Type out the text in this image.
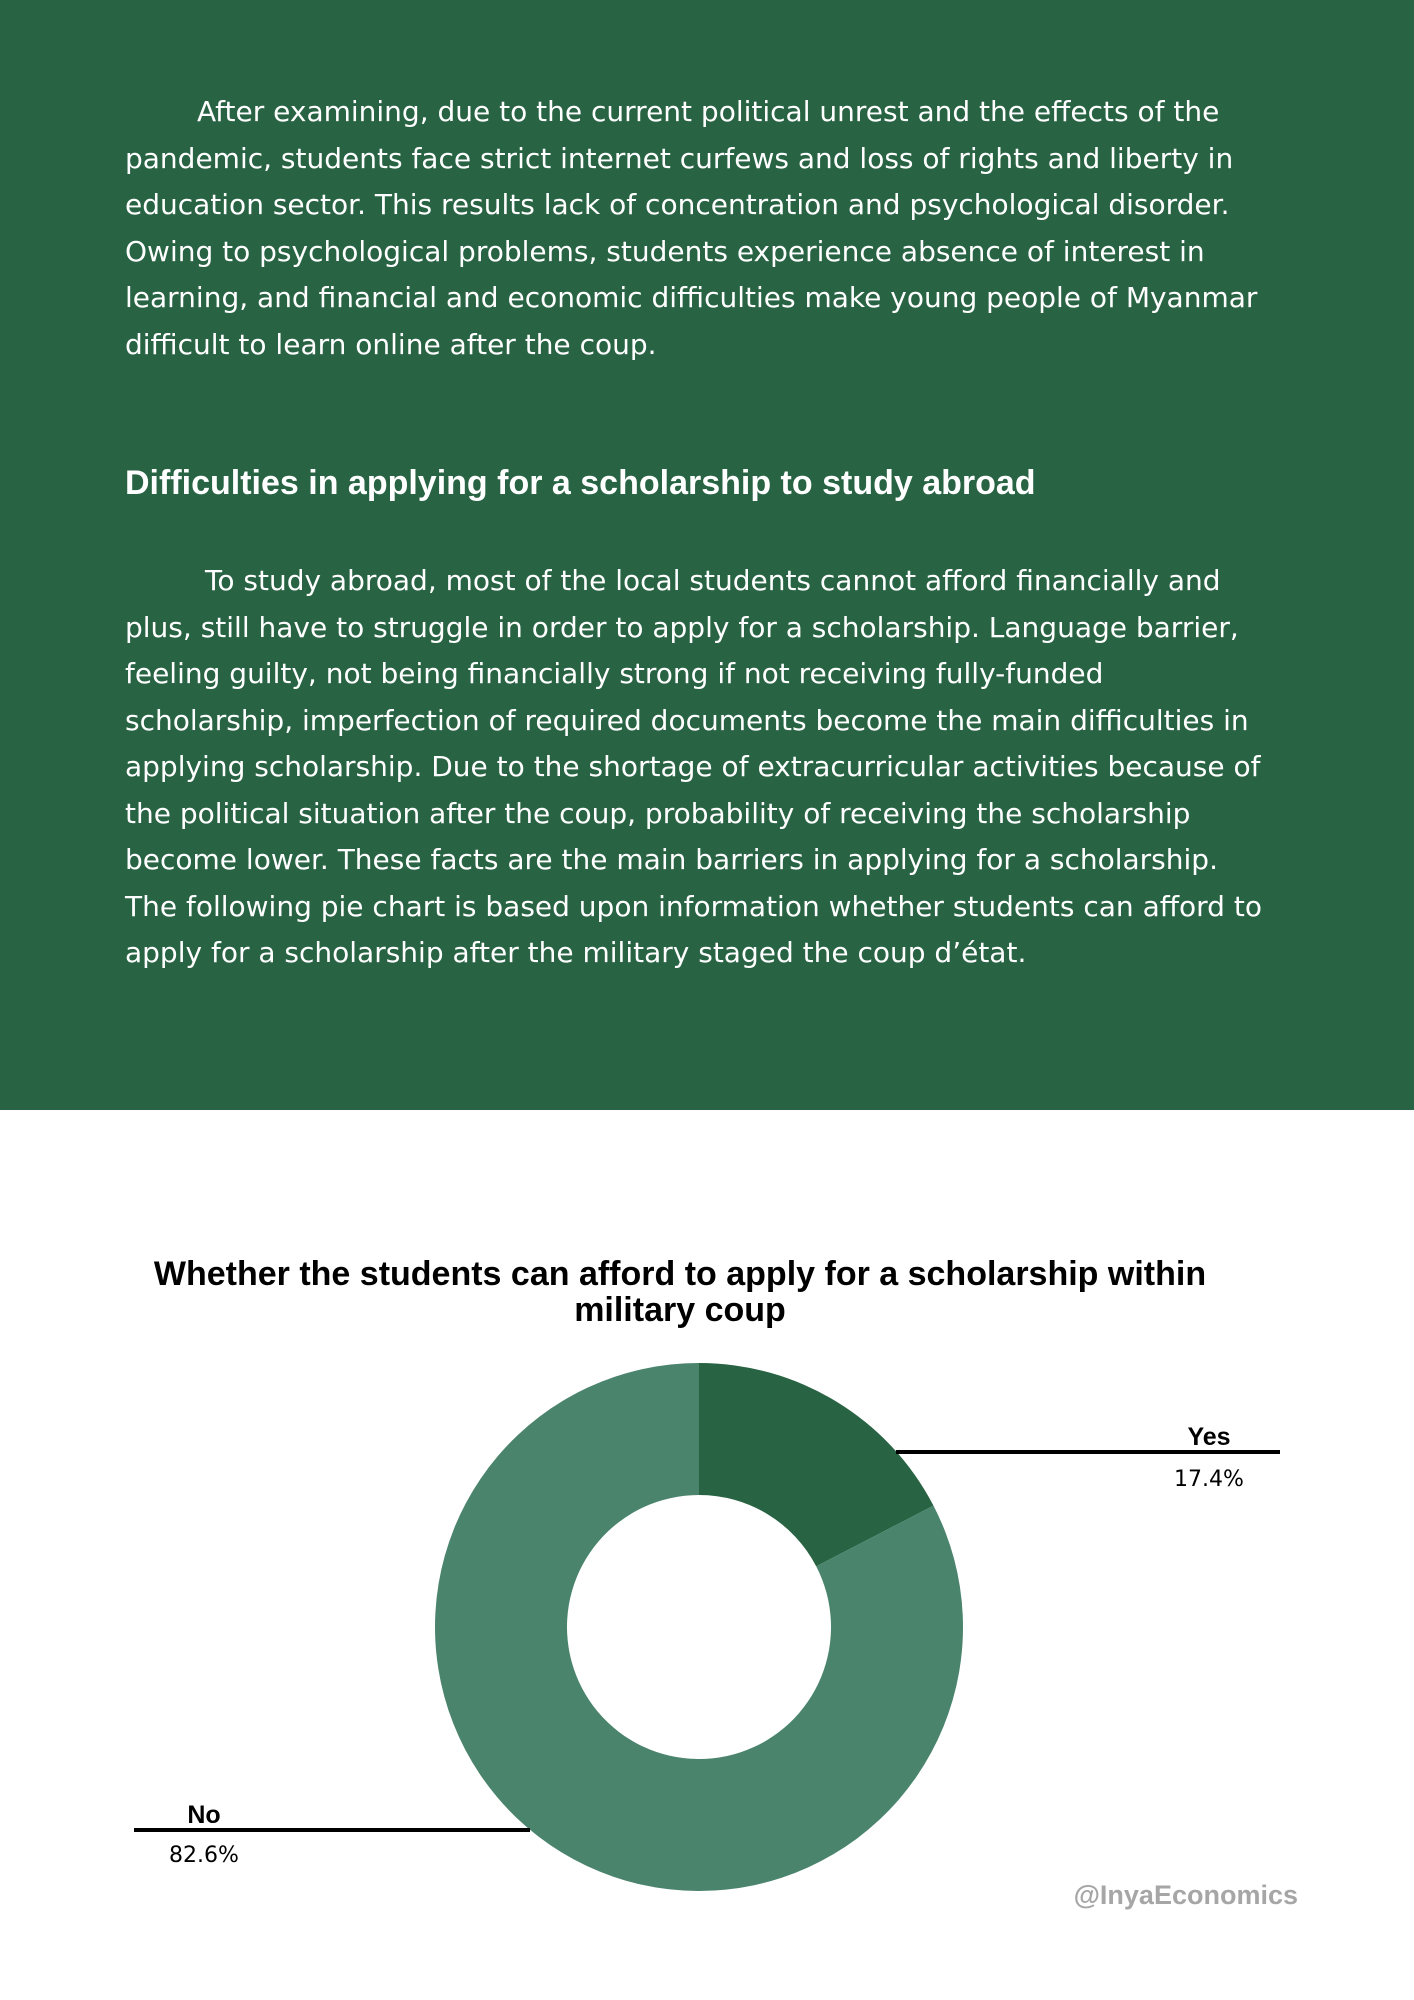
After examining, due to the current political unrest and the effects of the pandemic, students face strict internet curfews and loss of rights and liberty in education sector. This results lack of concentration and psychological disorder. Owing to psychological problems, students experience absence of interest in learning, and financial and economic difficulties make young people of Myanmar difficult to learn online after the coup.

Difficulties in applying for a scholarship to study abroad

To study abroad, most of the local students cannot afford financially and plus, still have to struggle in order to apply for a scholarship. Language barrier, feeling guilty, not being financially strong if not receiving fully-funded scholarship, imperfection of required documents become the main difficulties in applying scholarship. Due to the shortage of extracurricular activities because of the political situation after the coup, probability of receiving the scholarship become lower. These facts are the main barriers in applying for a scholarship. The following pie chart is based upon information whether students can afford to apply for a scholarship after the military staged the coup d’état.

Whether the students can afford to apply for a scholarship within military coup
Yes
17.4%
No
82.6%
@InyaEconomics
